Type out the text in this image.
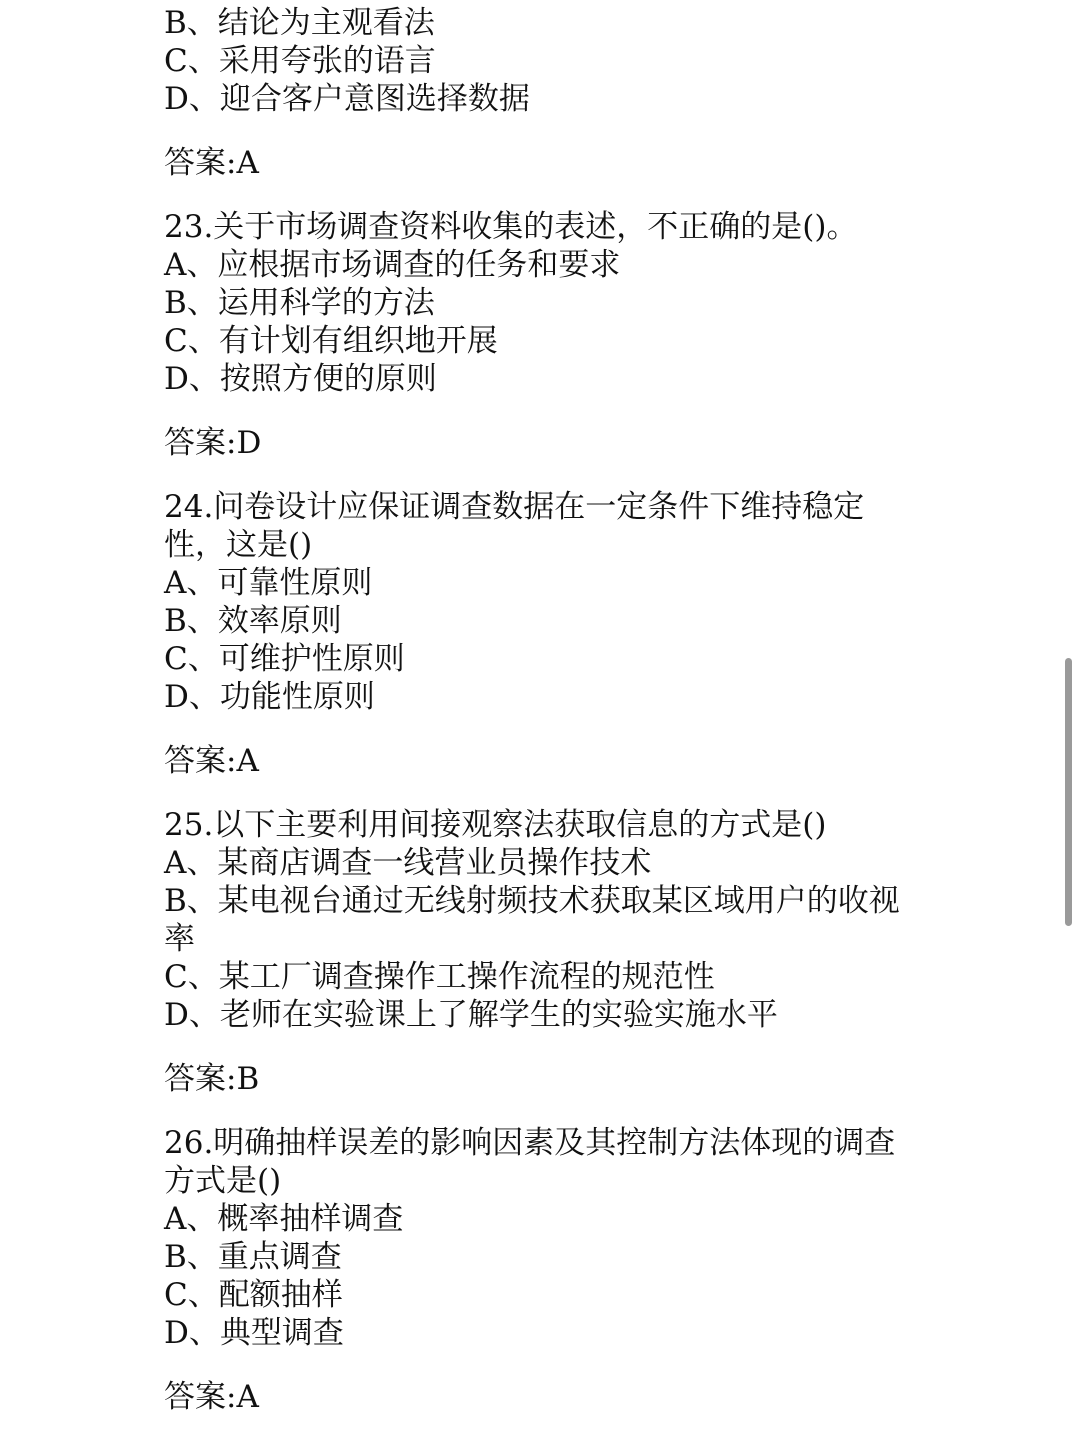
B、结论为主观看法
C、采用夸张的语言
D、迎合客户意图选择数据
答案:A
23.关于市场调查资料收集的表述，不正确的是()。
A、应根据市场调查的任务和要求
B、运用科学的方法
C、有计划有组织地开展
D、按照方便的原则
答案:D
24.问卷设计应保证调查数据在一定条件下维持稳定性，这是()
A、可靠性原则
B、效率原则
C、可维护性原则
D、功能性原则
答案:A
25.以下主要利用间接观察法获取信息的方式是()
A、某商店调查一线营业员操作技术
B、某电视台通过无线射频技术获取某区域用户的收视率
C、某工厂调查操作工操作流程的规范性
D、老师在实验课上了解学生的实验实施水平
答案:B
26.明确抽样误差的影响因素及其控制方法体现的调查方式是()
A、概率抽样调查
B、重点调查
C、配额抽样
D、典型调查
答案:A
